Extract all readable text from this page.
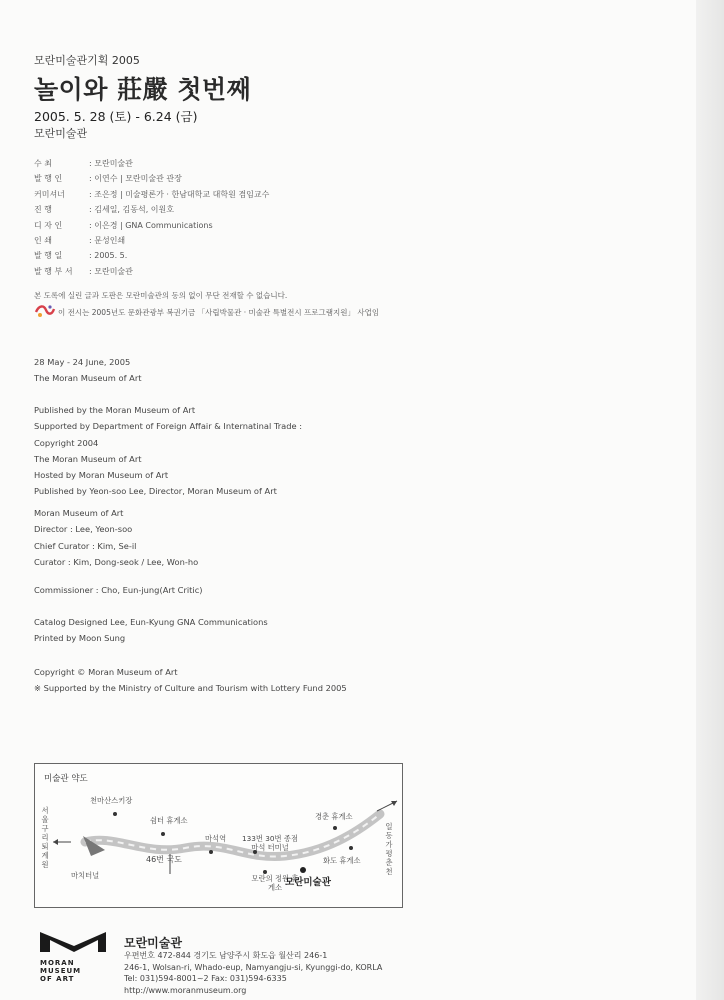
모란미술관기획 2005
놀이와 莊嚴 첫번째
2005. 5. 28 (토) - 6.24 (금)
모란미술관
수 최	: 모란미술관
발 행 인	: 이연수 | 모란미술관 관장
커미셔너	: 조은정 | 미술평론가 · 한남대학교 대학원 겸임교수
진 행	: 김세일, 김동석, 이원호
디 자 인	: 이은경 | GNA Communications
인 쇄	: 문성인쇄
발 행 일	: 2005. 5.
발 행 부 서 : 모란미술관
본 도록에 실린 글과 도판은 모란미술관의 동의 없이 무단 전재할 수 없습니다.
이 전시는 2005년도 문화관광부 복권기금 「사립박물관 · 미술관 특별전시 프로그램지원」 사업임
28 May - 24 June, 2005
The Moran Museum of Art
Published by the Moran Museum of Art
Supported by Department of Foreign Affair & Internatinal Trade :
Copyright 2004
The Moran Museum of Art
Hosted by Moran Museum of Art
Published by Yeon-soo Lee, Director, Moran Museum of Art
Moran Museum of Art
Director : Lee, Yeon-soo
Chief Curator : Kim, Se-il
Curator : Kim, Dong-seok / Lee, Won-ho
Commissioner : Cho, Eun-jung(Art Critic)
Catalog Designed Lee, Eun-Kyung GNA Communications
Printed by Moon Sung
Copyright © Moran Museum of Art
※ Supported by the Ministry of Culture and Tourism with Lottery Fund 2005
미술관 약도
서울 구리 퇴계원
일동 가평 춘천
천마산스키장
쉼터 휴게소
마석역 133번 30번 종점 마석 터미널
경춘 휴게소
화도 휴게소
46번 국도
마치터널	모란의 정원 휴게소 모란미술관
MORAN MUSEUM OF ART
모란미술관
우편번호 472-844 경기도 남양주시 화도읍 월산리 246-1
246-1, Wolsan-ri, Whado-eup, Namyangju-si, Kyunggi-do, KORLA
Tel: 031)594-8001~2 Fax: 031)594-6335
http://www.moranmuseum.org
